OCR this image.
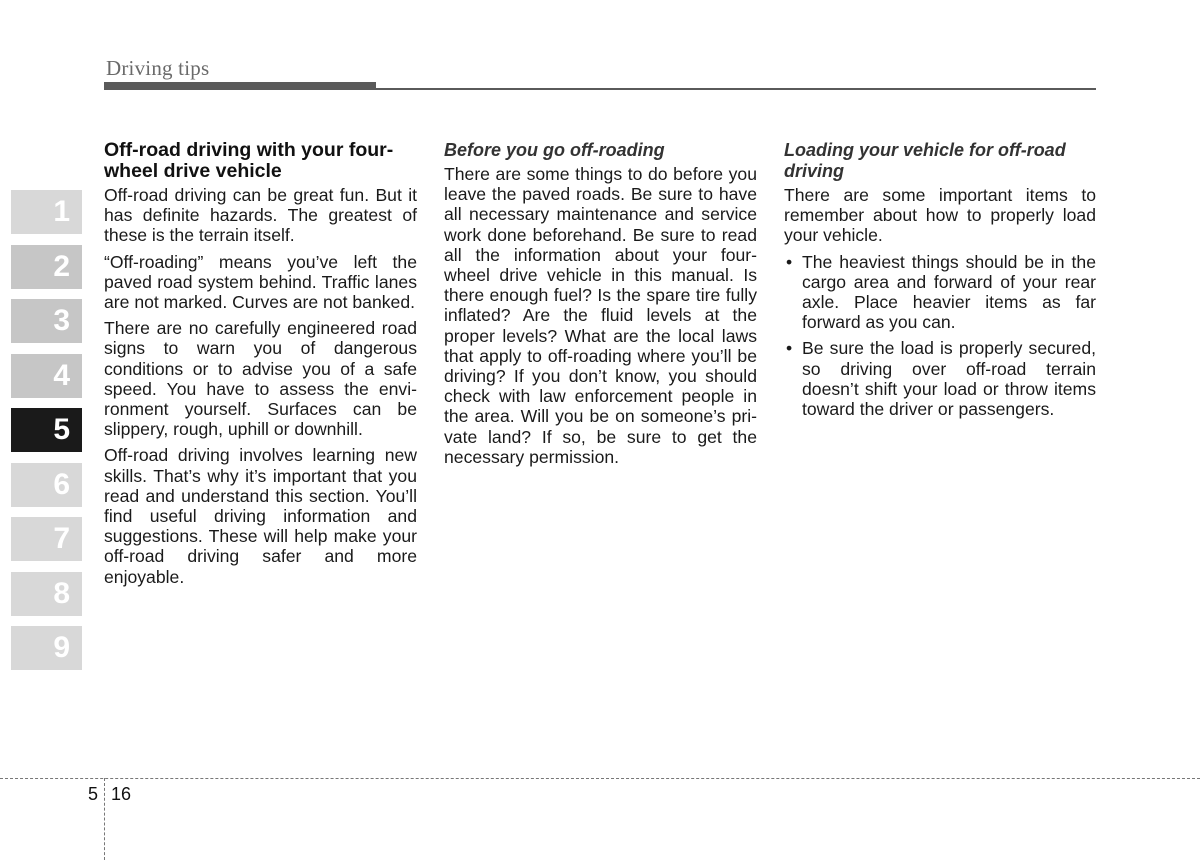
Driving tips
1
2
3
4
5
6
7
8
9
Off-road driving with your four-wheel drive vehicle

Off-road driving can be great fun. But it has definite hazards. The greatest of these is the terrain itself.

“Off-roading” means you’ve left the paved road system behind. Traffic lanes are not marked. Curves are not banked.

There are no carefully engineered road signs to warn you of dangerous conditions or to advise you of a safe speed. You have to assess the envi-ronment yourself. Surfaces can be slippery, rough, uphill or downhill.

Off-road driving involves learning new skills. That’s why it’s important that you read and understand this section. You’ll find useful driving information and suggestions. These will help make your off-road driving safer and more enjoyable.

Before you go off-roading

There are some things to do before you leave the paved roads. Be sure to have all necessary maintenance and service work done beforehand. Be sure to read all the information about your four-wheel drive vehicle in this manual. Is there enough fuel? Is the spare tire fully inflated? Are the fluid levels at the proper levels? What are the local laws that apply to off-roading where you’ll be driving? If you don’t know, you should check with law enforcement people in the area. Will you be on someone’s pri-vate land? If so, be sure to get the necessary permission.

Loading your vehicle for off-road driving

There are some important items to remember about how to properly load your vehicle.

• The heaviest things should be in the cargo area and forward of your rear axle. Place heavier items as far forward as you can.
• Be sure the load is properly secured, so driving over off-road terrain doesn’t shift your load or throw items toward the driver or passengers.
5 16
